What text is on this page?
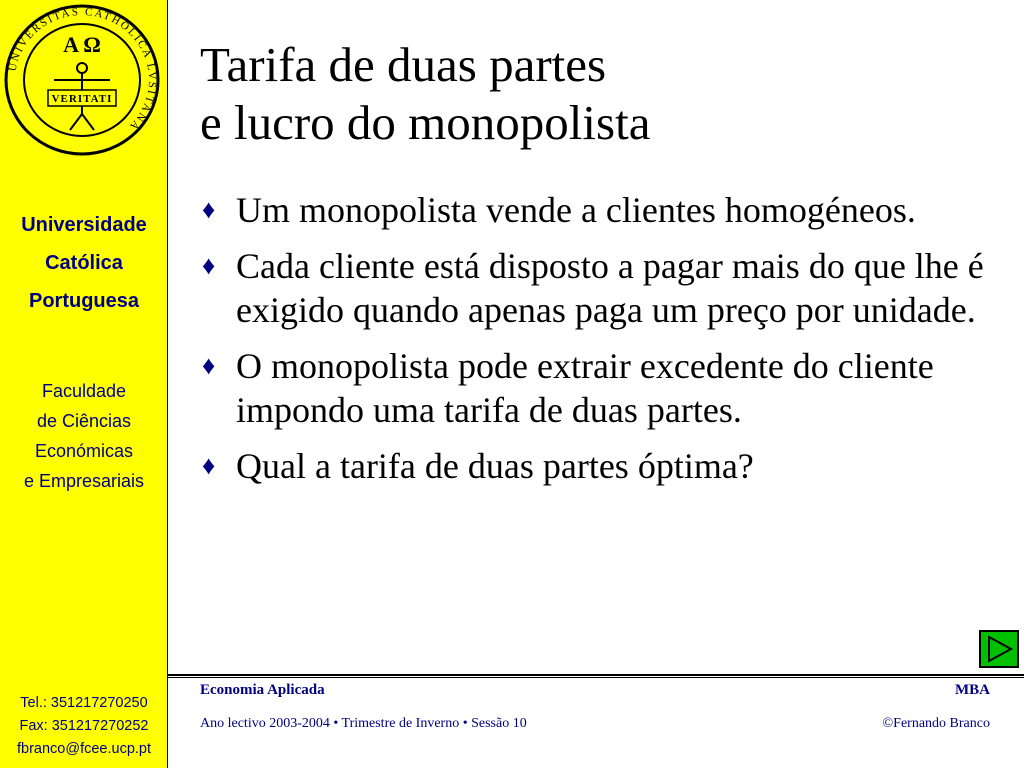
UNIVERSITAS CATHOLICA LVSITANA
A Ω
VERITATI
Universidade
Católica
Portuguesa
Faculdade
de Ciências
Económicas
e Empresariais
Tel.: 351217270250
Fax: 351217270252
fbranco@fcee.ucp.pt
Tarifa de duas partes
e lucro do monopolista
♦ Um monopolista vende a clientes homogéneos.
♦ Cada cliente está disposto a pagar mais do que lhe é exigido quando apenas paga um preço por unidade.
♦ O monopolista pode extrair excedente do cliente impondo uma tarifa de duas partes.
♦ Qual a tarifa de duas partes óptima?
Economia Aplicada	MBA
Ano lectivo 2003-2004 • Trimestre de Inverno • Sessão 10	©Fernando Branco
